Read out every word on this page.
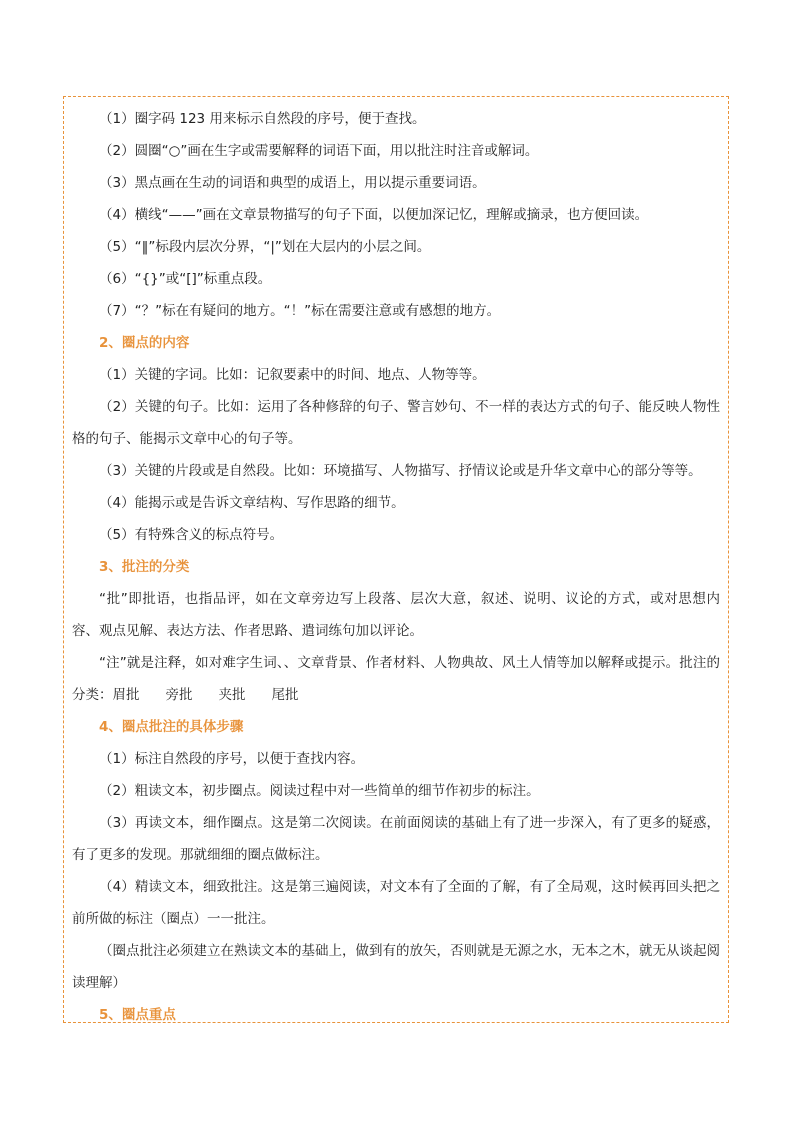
（1）圈字码 123 用来标示自然段的序号，便于查找。

（2）圆圈“○”画在生字或需要解释的词语下面，用以批注时注音或解词。

（3）黑点画在生动的词语和典型的成语上，用以提示重要词语。

（4）横线“——”画在文章景物描写的句子下面，以便加深记忆，理解或摘录，也方便回读。

（5）“‖”标段内层次分界，“|”划在大层内的小层之间。

（6）“{}”或“[]”标重点段。

（7）“？”标在有疑问的地方。“！”标在需要注意或有感想的地方。

2、圈点的内容

（1）关键的字词。比如：记叙要素中的时间、地点、人物等等。

（2）关键的句子。比如：运用了各种修辞的句子、警言妙句、不一样的表达方式的句子、能反映人物性格的句子、能揭示文章中心的句子等。

（3）关键的片段或是自然段。比如：环境描写、人物描写、抒情议论或是升华文章中心的部分等等。

（4）能揭示或是告诉文章结构、写作思路的细节。

（5）有特殊含义的标点符号。

3、批注的分类

“批”即批语，也指品评，如在文章旁边写上段落、层次大意，叙述、说明、议论的方式，或对思想内容、观点见解、表达方法、作者思路、遣词练句加以评论。

“注”就是注释，如对难字生词、、文章背景、作者材料、人物典故、风土人情等加以解释或提示。批注的分类：眉批 旁批 夹批 尾批

4、圈点批注的具体步骤

（1）标注自然段的序号，以便于查找内容。

（2）粗读文本，初步圈点。阅读过程中对一些简单的细节作初步的标注。

（3）再读文本，细作圈点。这是第二次阅读。在前面阅读的基础上有了进一步深入，有了更多的疑惑，有了更多的发现。那就细细的圈点做标注。

（4）精读文本，细致批注。这是第三遍阅读，对文本有了全面的了解，有了全局观，这时候再回头把之前所做的标注（圈点）一一批注。

（圈点批注必须建立在熟读文本的基础上，做到有的放矢，否则就是无源之水，无本之木，就无从谈起阅读理解）

5、圈点重点
